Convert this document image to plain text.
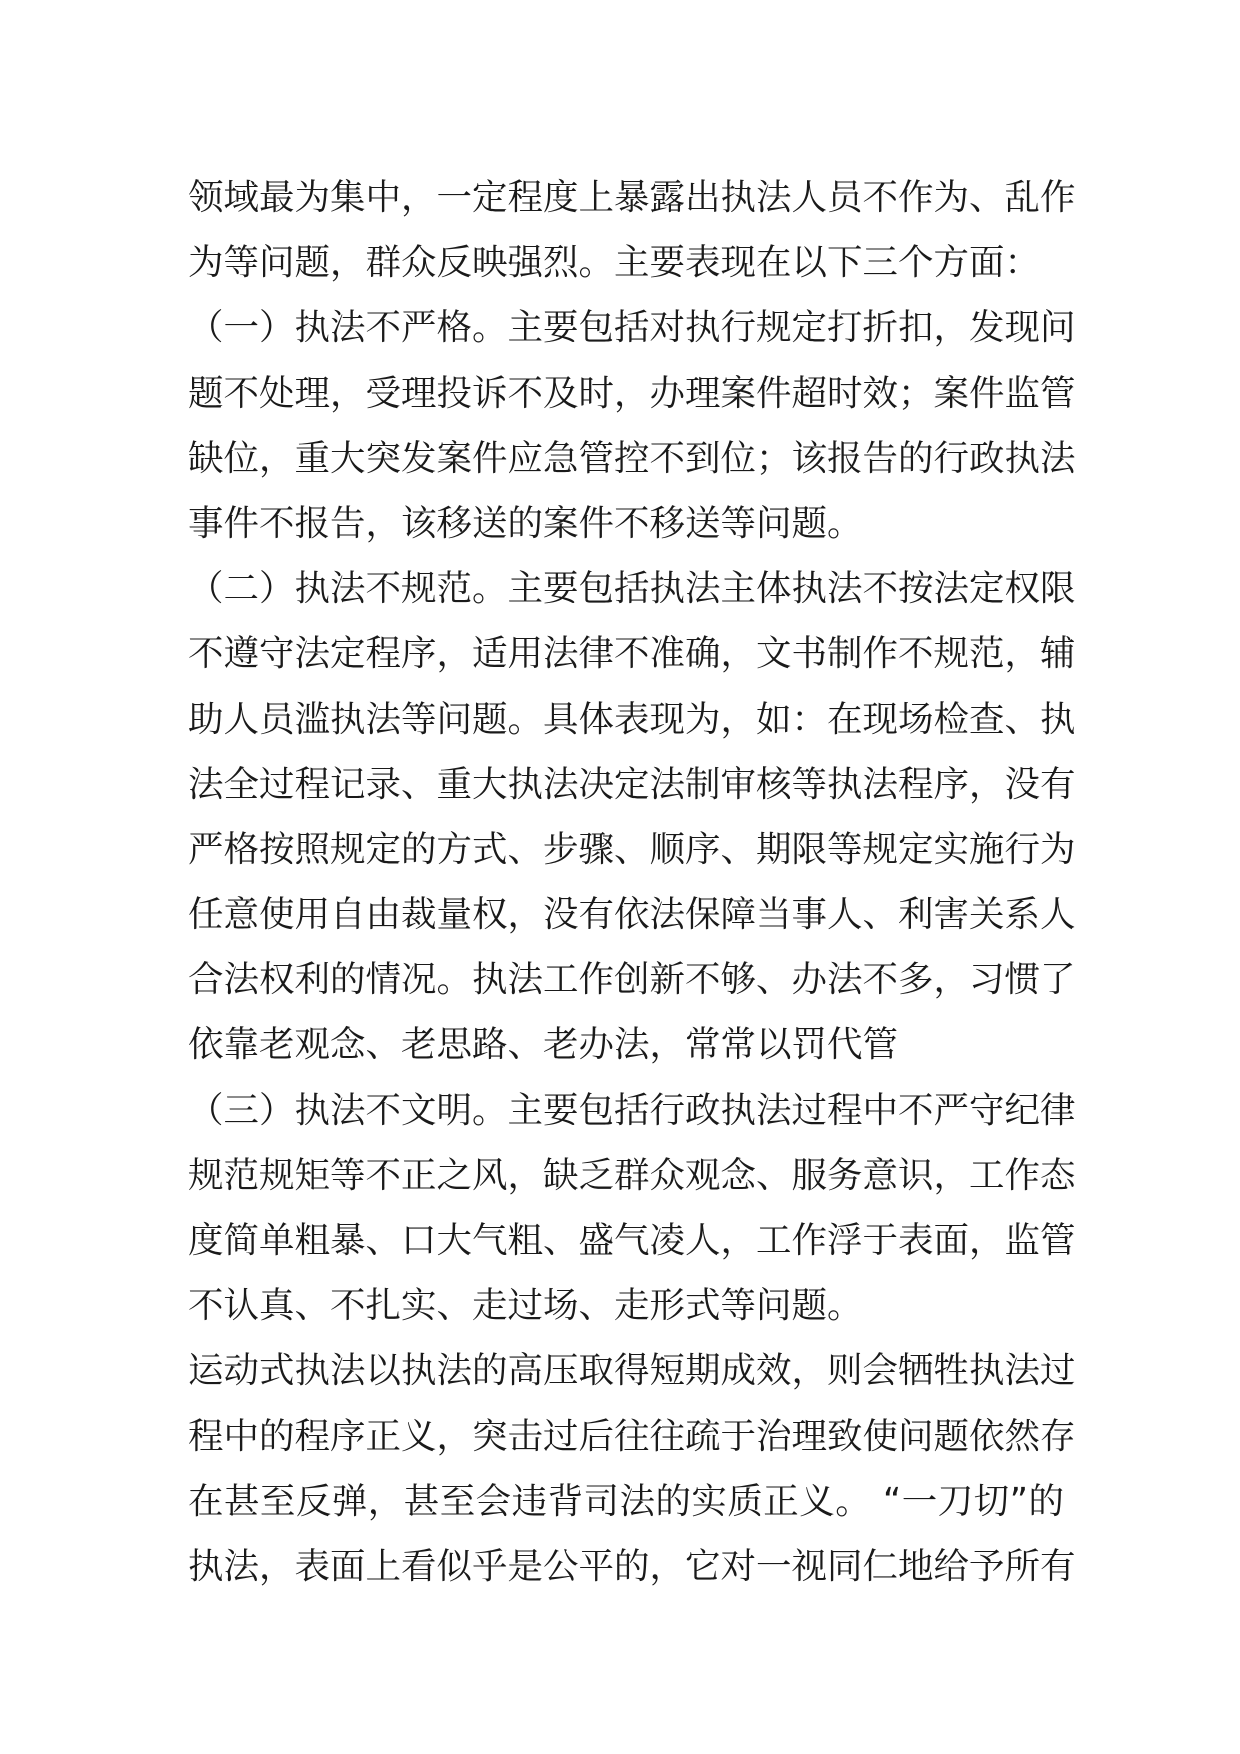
领域最为集中，一定程度上暴露出执法人员不作为、乱作
为等问题，群众反映强烈。主要表现在以下三个方面：
（一）执法不严格。主要包括对执行规定打折扣，发现问
题不处理，受理投诉不及时，办理案件超时效；案件监管
缺位，重大突发案件应急管控不到位；该报告的行政执法
事件不报告，该移送的案件不移送等问题。
（二）执法不规范。主要包括执法主体执法不按法定权限
不遵守法定程序，适用法律不准确，文书制作不规范，辅
助人员滥执法等问题。具体表现为，如：在现场检查、执
法全过程记录、重大执法决定法制审核等执法程序，没有
严格按照规定的方式、步骤、顺序、期限等规定实施行为
任意使用自由裁量权，没有依法保障当事人、利害关系人
合法权利的情况。执法工作创新不够、办法不多，习惯了
依靠老观念、老思路、老办法，常常以罚代管
（三）执法不文明。主要包括行政执法过程中不严守纪律
规范规矩等不正之风，缺乏群众观念、服务意识，工作态
度简单粗暴、口大气粗、盛气凌人，工作浮于表面，监管
不认真、不扎实、走过场、走形式等问题。
运动式执法以执法的高压取得短期成效，则会牺牲执法过
程中的程序正义，突击过后往往疏于治理致使问题依然存
在甚至反弹，甚至会违背司法的实质正义。 “一刀切”的
执法，表面上看似乎是公平的，它对一视同仁地给予所有
